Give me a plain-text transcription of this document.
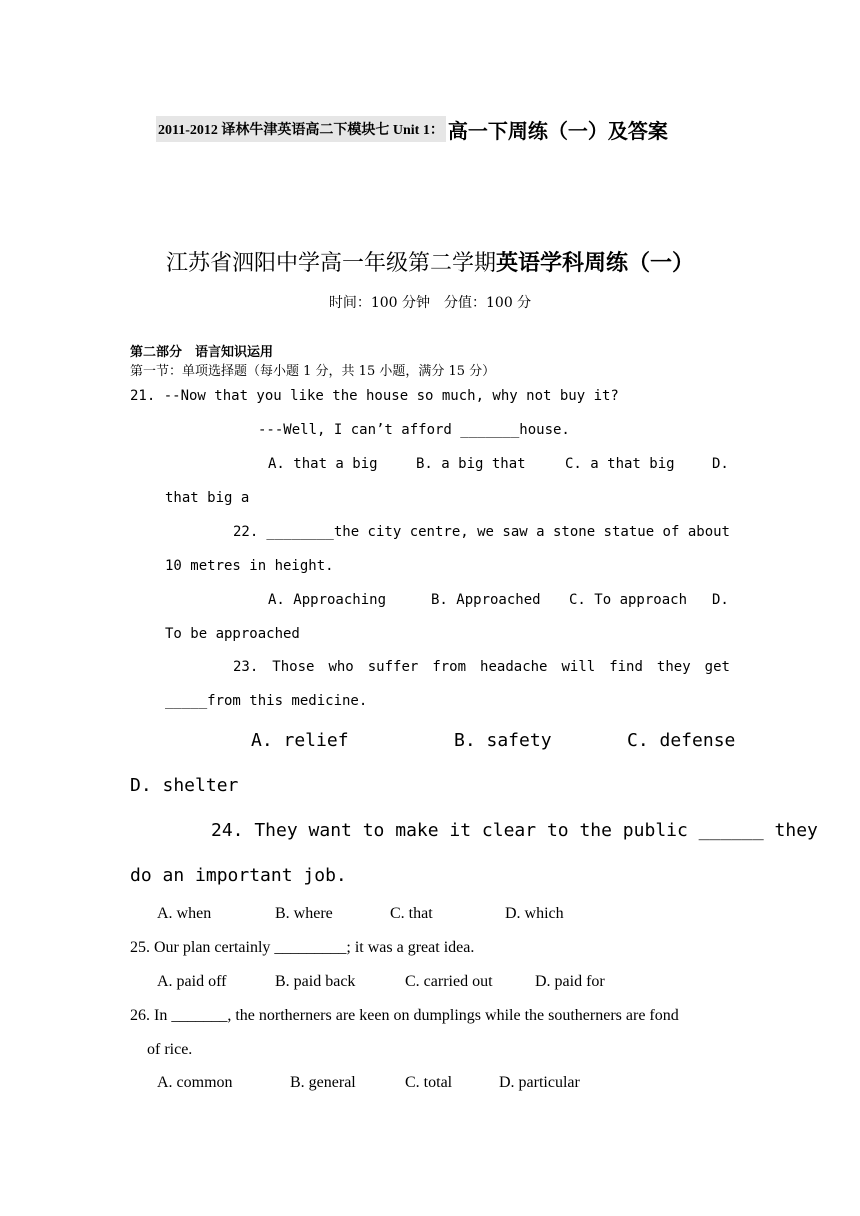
2011-2012 译林牛津英语高二下模块七 Unit 1： 高一下周练（一）及答案
江苏省泗阳中学高一年级第二学期英语学科周练（一）
时间：100 分钟　分值：100 分
第二部分　语言知识运用
第一节：单项选择题（每小题 1 分，共 15 小题，满分 15 分）
21. --Now that you like the house so much, why not buy it?
---Well, I can’t afford _______house.
A. that a big	B. a big that	C. a that big	D.
that big a
22. ________the city centre, we saw a stone statue of about
10 metres in height.
A. Approaching	B. Approached C. To approach D.
To be approached
23. Those who suffer from headache will find they get
_____from this medicine.
A. relief	B. safety	C. defense
D. shelter
24. They want to make it clear to the public ______ they
do an important job.
A. when	B. where	C. that	D. which
25. Our plan certainly _________; it was a great idea.
A. paid off	B. paid back	C. carried out	D. paid for
26. In _______, the northerners are keen on dumplings while the southerners are fond
of rice.
A. common	B. general	C. total	D. particular
